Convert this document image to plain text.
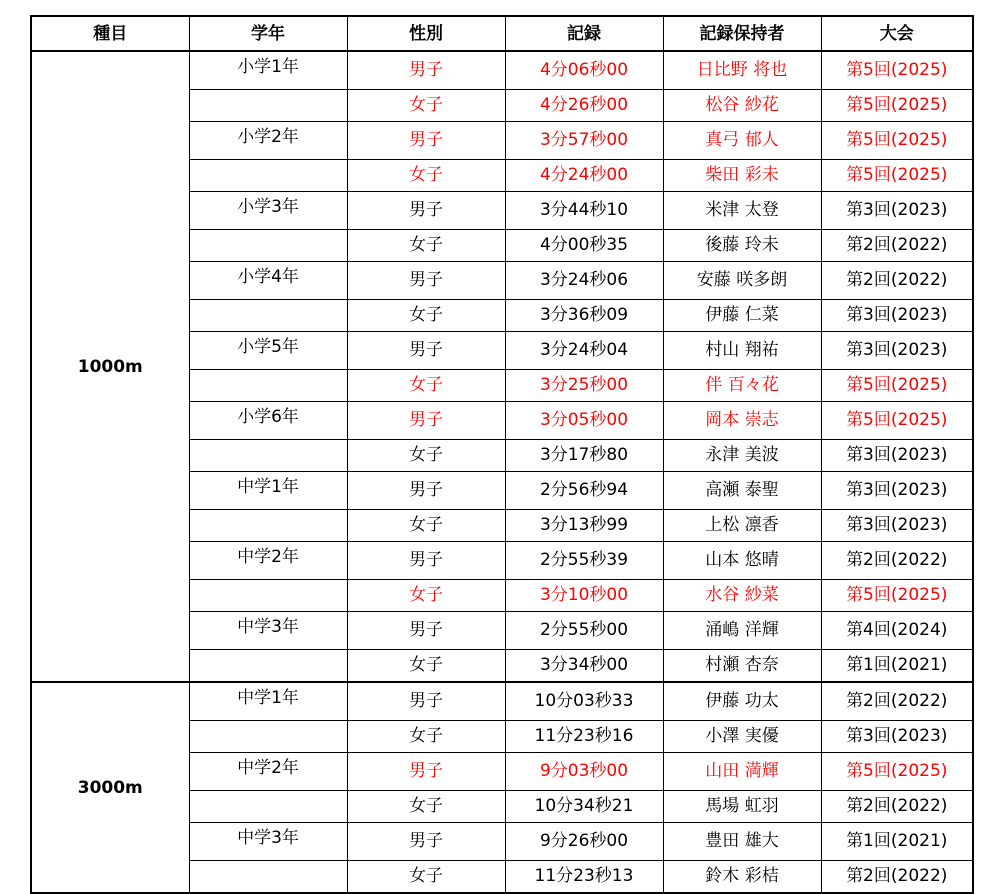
種目	学年	性別	記録	記録保持者	大会
1000m	小学1年	男子	4分06秒00	日比野 将也	第5回(2025)
		女子	4分26秒00	松谷 紗花	第5回(2025)
	小学2年	男子	3分57秒00	真弓 郁人	第5回(2025)
		女子	4分24秒00	柴田 彩未	第5回(2025)
	小学3年	男子	3分44秒10	米津 太登	第3回(2023)
		女子	4分00秒35	後藤 玲未	第2回(2022)
	小学4年	男子	3分24秒06	安藤 咲多朗	第2回(2022)
		女子	3分36秒09	伊藤 仁菜	第3回(2023)
	小学5年	男子	3分24秒04	村山 翔祐	第3回(2023)
		女子	3分25秒00	伴 百々花	第5回(2025)
	小学6年	男子	3分05秒00	岡本 崇志	第5回(2025)
		女子	3分17秒80	永津 美波	第3回(2023)
	中学1年	男子	2分56秒94	高瀬 泰聖	第3回(2023)
		女子	3分13秒99	上松 凛香	第3回(2023)
	中学2年	男子	2分55秒39	山本 悠晴	第2回(2022)
		女子	3分10秒00	水谷 紗菜	第5回(2025)
	中学3年	男子	2分55秒00	涌嶋 洋輝	第4回(2024)
		女子	3分34秒00	村瀬 杏奈	第1回(2021)
3000m	中学1年	男子	10分03秒33	伊藤 功太	第2回(2022)
		女子	11分23秒16	小澤 実優	第3回(2023)
	中学2年	男子	9分03秒00	山田 満輝	第5回(2025)
		女子	10分34秒21	馬場 虹羽	第2回(2022)
	中学3年	男子	9分26秒00	豊田 雄大	第1回(2021)
		女子	11分23秒13	鈴木 彩桔	第2回(2022)
